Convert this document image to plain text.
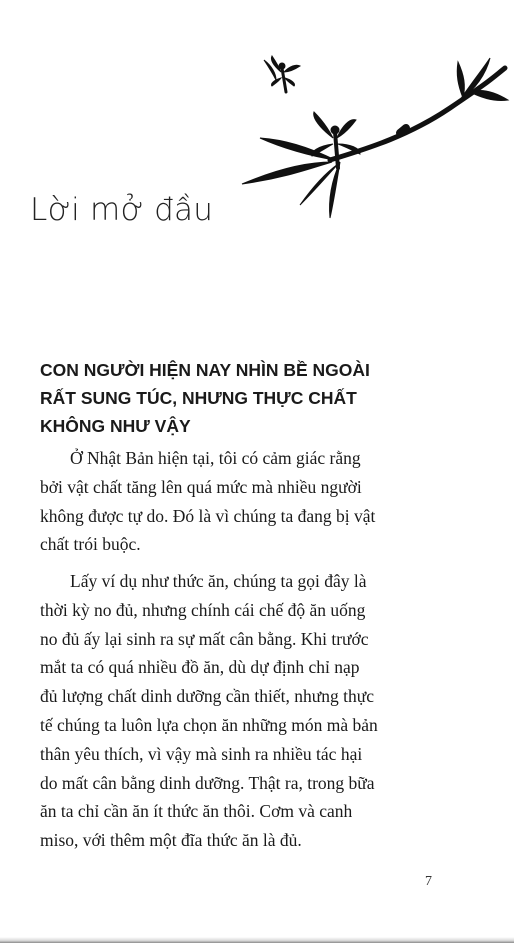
Lời mở đầu
CON NGƯỜI HIỆN NAY NHÌN BỀ NGOÀI
RẤT SUNG TÚC, NHƯNG THỰC CHẤT
KHÔNG NHƯ VẬY

Ở Nhật Bản hiện tại, tôi có cảm giác rằng
bởi vật chất tăng lên quá mức mà nhiều người
không được tự do. Đó là vì chúng ta đang bị vật
chất trói buộc.

Lấy ví dụ như thức ăn, chúng ta gọi đây là
thời kỳ no đủ, nhưng chính cái chế độ ăn uống
no đủ ấy lại sinh ra sự mất cân bằng. Khi trước
mắt ta có quá nhiều đồ ăn, dù dự định chỉ nạp
đủ lượng chất dinh dưỡng cần thiết, nhưng thực
tế chúng ta luôn lựa chọn ăn những món mà bản
thân yêu thích, vì vậy mà sinh ra nhiều tác hại
do mất cân bằng dinh dưỡng. Thật ra, trong bữa
ăn ta chỉ cần ăn ít thức ăn thôi. Cơm và canh
miso, với thêm một đĩa thức ăn là đủ.

7
